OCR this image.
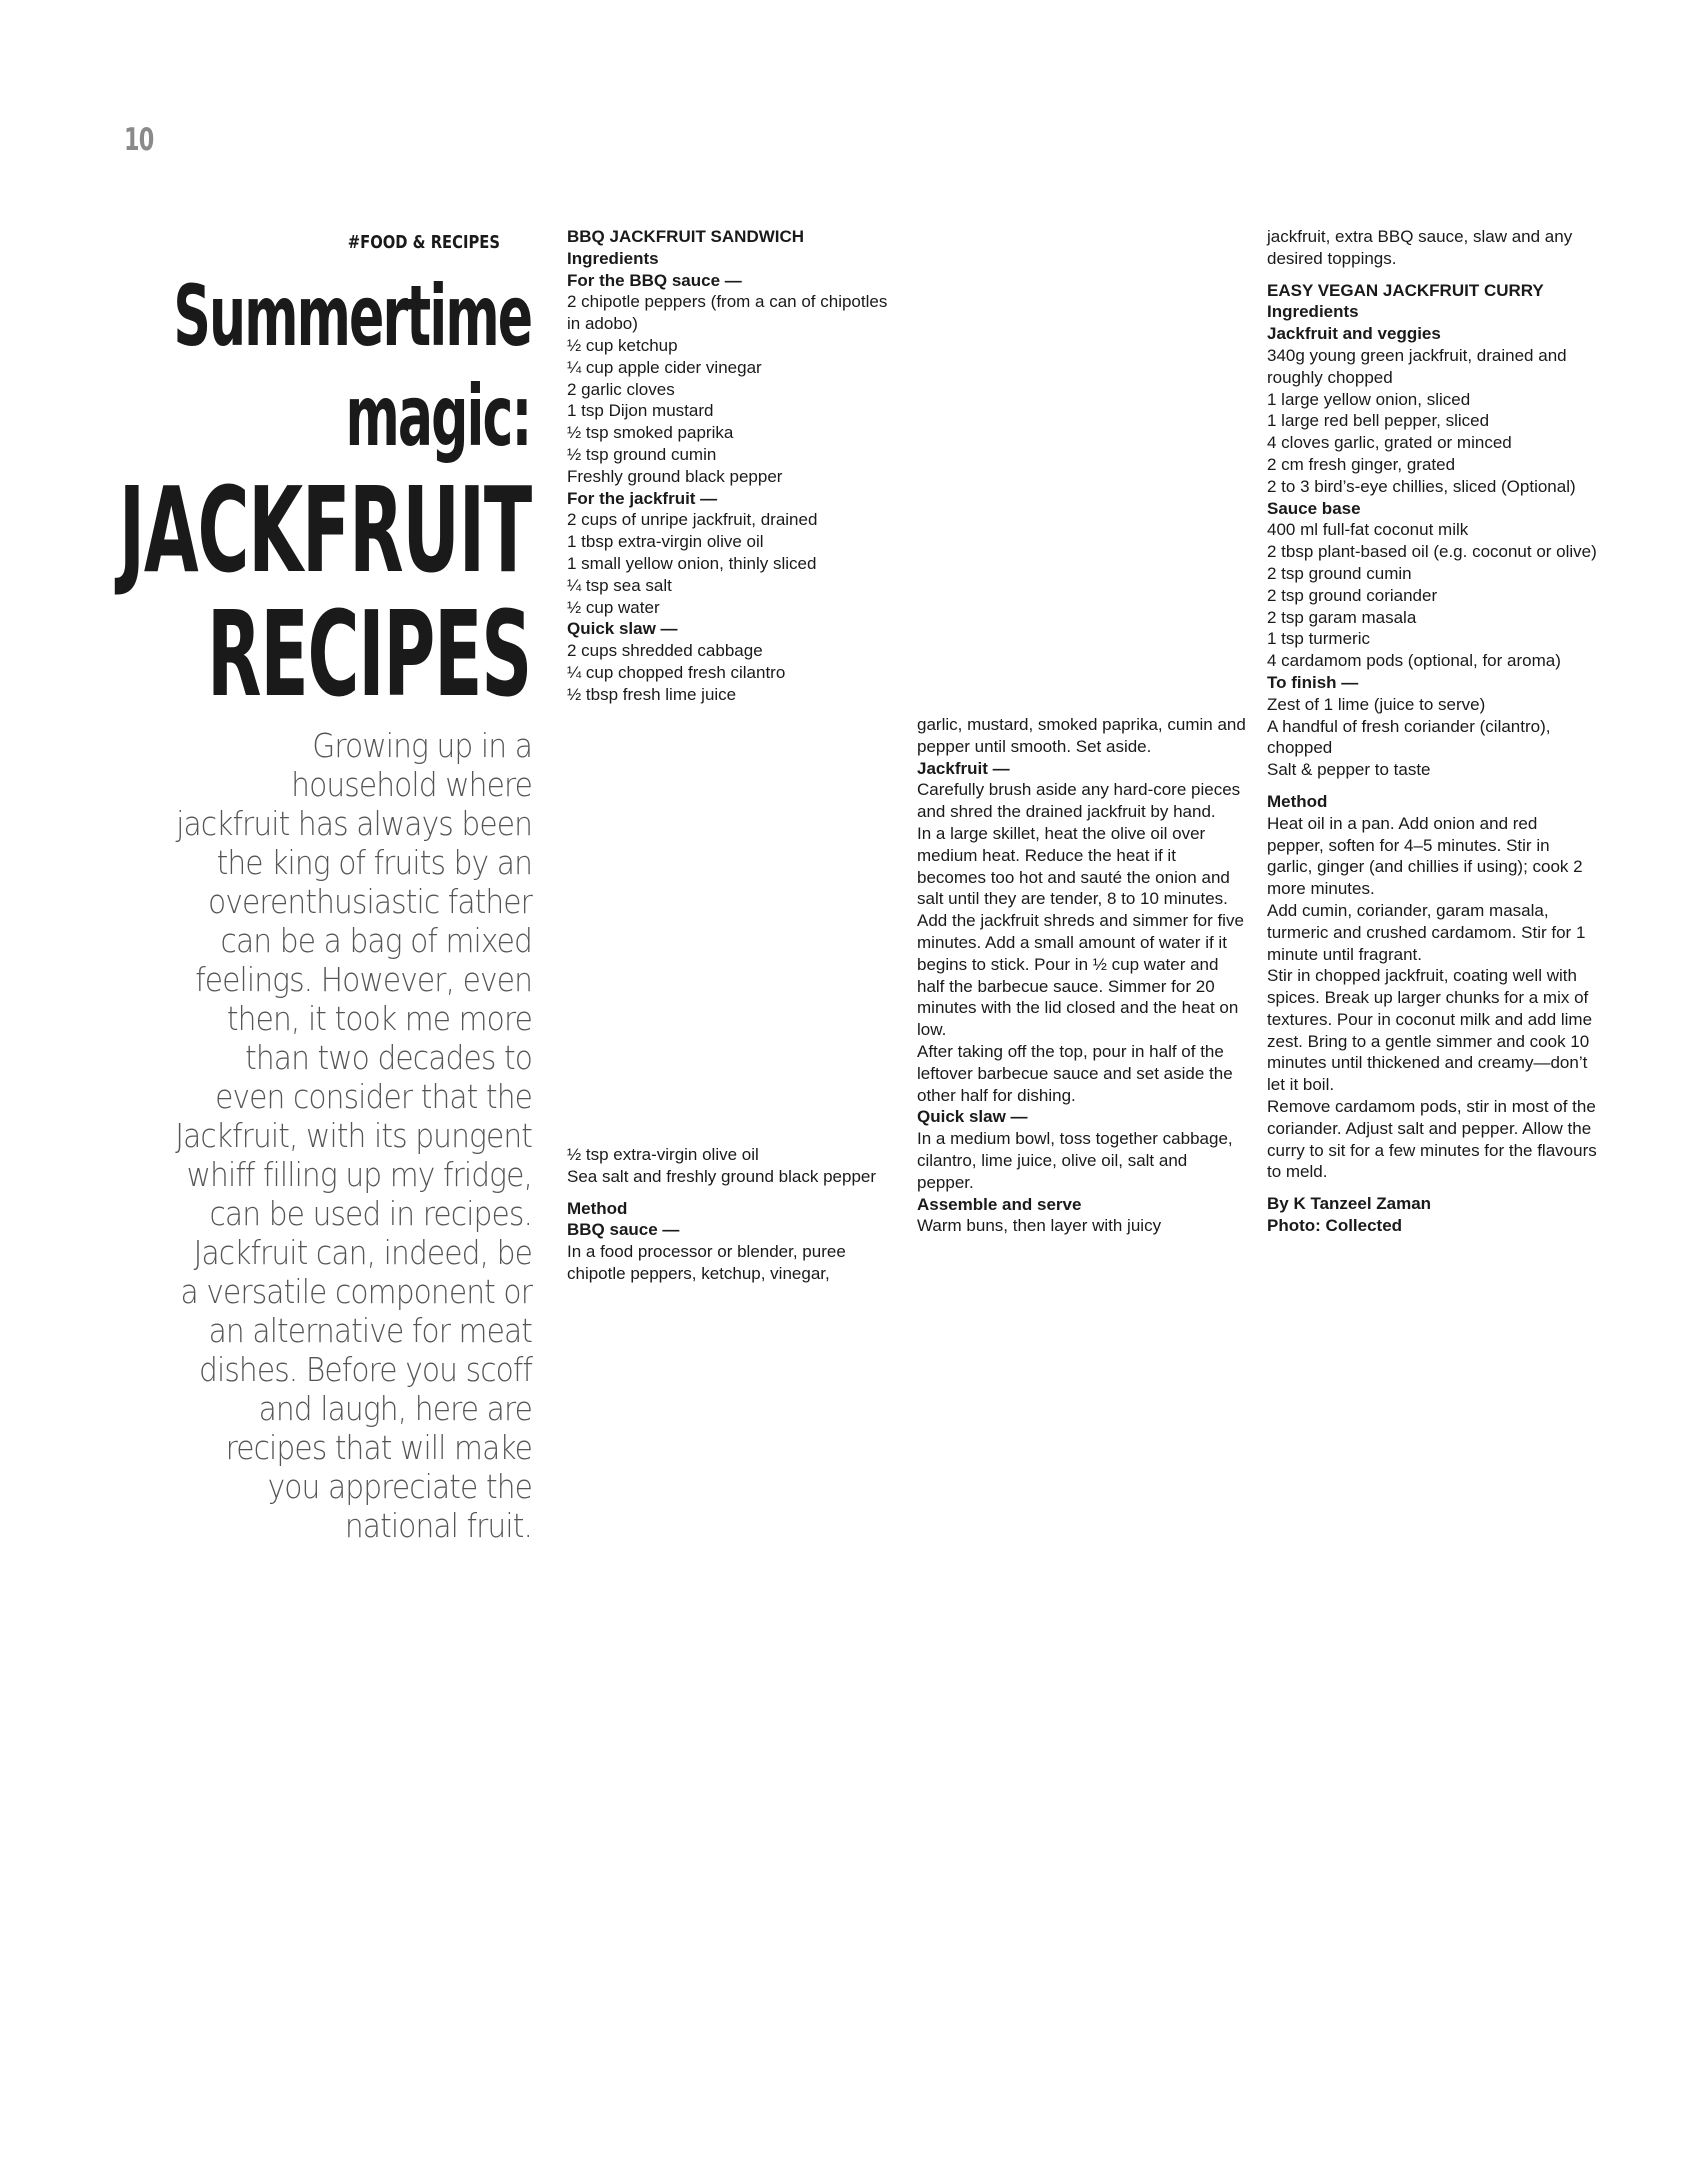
10
#FOOD & RECIPES
Summertime
magic:
JACKFRUIT
RECIPES
Growing up in a household where jackfruit has always been the king of fruits by an overenthusiastic father can be a bag of mixed feelings. However, even then, it took me more than two decades to even consider that the Jackfruit, with its pungent whiff filling up my fridge, can be used in recipes. Jackfruit can, indeed, be a versatile component or an alternative for meat dishes. Before you scoff and laugh, here are recipes that will make you appreciate the national fruit.

BBQ JACKFRUIT SANDWICH

Ingredients

For the BBQ sauce —

2 chipotle peppers (from a can of chipotles in adobo)

½ cup ketchup

¼ cup apple cider vinegar

2 garlic cloves

1 tsp Dijon mustard

½ tsp smoked paprika

½ tsp ground cumin

Freshly ground black pepper

For the jackfruit —

2 cups of unripe jackfruit, drained

1 tbsp extra-virgin olive oil

1 small yellow onion, thinly sliced

¼ tsp sea salt

½ cup water

Quick slaw —

2 cups shredded cabbage

¼ cup chopped fresh cilantro

½ tbsp fresh lime juice

½ tsp extra-virgin olive oil

Sea salt and freshly ground black pepper

Method

BBQ sauce —

In a food processor or blender, puree chipotle peppers, ketchup, vinegar,

garlic, mustard, smoked paprika, cumin and pepper until smooth. Set aside.

Jackfruit —

Carefully brush aside any hard-core pieces and shred the drained jackfruit by hand.

In a large skillet, heat the olive oil over medium heat. Reduce the heat if it becomes too hot and sauté the onion and salt until they are tender, 8 to 10 minutes. Add the jackfruit shreds and simmer for five minutes. Add a small amount of water if it begins to stick. Pour in ½ cup water and half the barbecue sauce. Simmer for 20 minutes with the lid closed and the heat on low.

After taking off the top, pour in half of the leftover barbecue sauce and set aside the other half for dishing.

Quick slaw —

In a medium bowl, toss together cabbage, cilantro, lime juice, olive oil, salt and pepper.

Assemble and serve

Warm buns, then layer with juicy

jackfruit, extra BBQ sauce, slaw and any desired toppings.

EASY VEGAN JACKFRUIT CURRY

Ingredients

Jackfruit and veggies

340g young green jackfruit, drained and roughly chopped

1 large yellow onion, sliced

1 large red bell pepper, sliced

4 cloves garlic, grated or minced

2 cm fresh ginger, grated

2 to 3 bird’s-eye chillies, sliced (Optional)

Sauce base

400 ml full-fat coconut milk

2 tbsp plant-based oil (e.g. coconut or olive)

2 tsp ground cumin

2 tsp ground coriander

2 tsp garam masala

1 tsp turmeric

4 cardamom pods (optional, for aroma)

To finish —

Zest of 1 lime (juice to serve)

A handful of fresh coriander (cilantro), chopped

Salt & pepper to taste

Method

Heat oil in a pan. Add onion and red pepper, soften for 4–5 minutes. Stir in garlic, ginger (and chillies if using); cook 2 more minutes.

Add cumin, coriander, garam masala, turmeric and crushed cardamom. Stir for 1 minute until fragrant.

Stir in chopped jackfruit, coating well with spices. Break up larger chunks for a mix of textures. Pour in coconut milk and add lime zest. Bring to a gentle simmer and cook 10 minutes until thickened and creamy—don’t let it boil.

Remove cardamom pods, stir in most of the coriander. Adjust salt and pepper. Allow the curry to sit for a few minutes for the flavours to meld.

By K Tanzeel Zaman

Photo: Collected
